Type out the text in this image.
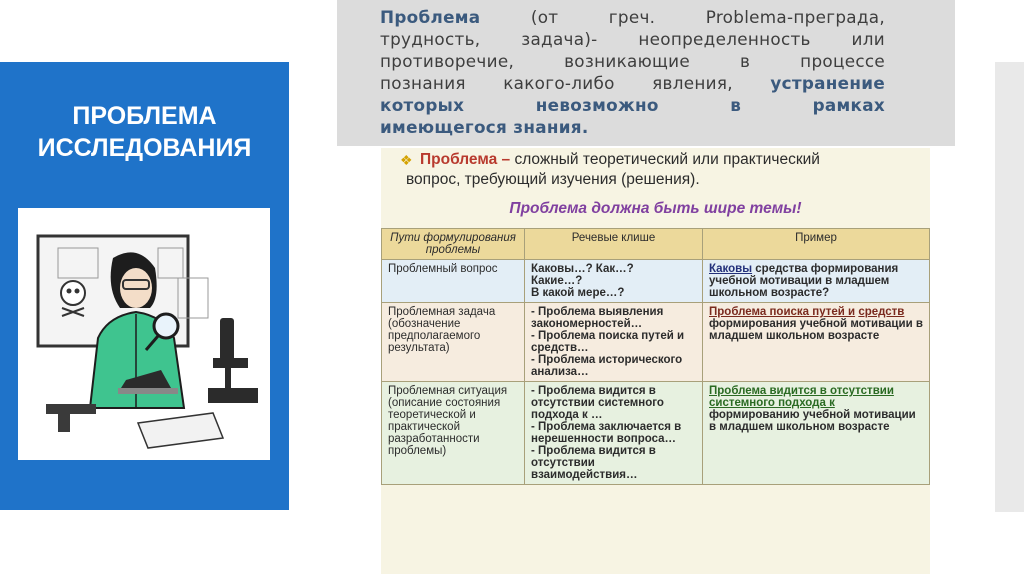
ПРОБЛЕМА
ИССЛЕДОВАНИЯ
Проблема	(от греч. Problema-преграда,
трудность, задача)- неопределенность или
противоречие, возникающие в процессе
познания какого-либо явления, устранение
которых невозможно в рамках
имеющегося знания.
❖ Проблема – сложный теоретический или практический
вопрос, требующий изучения (решения).
Проблема должна быть шире темы!
Пути формулирования проблемы	Речевые клише	Пример
Проблемный вопрос	Каковы…? Как…?
Какие…?
В какой мере…?	Каковы средства формирования учебной мотивации в младшем школьном возрасте?
Проблемная задача (обозначение предполагаемого результата)	- Проблема выявления закономерностей…
- Проблема поиска путей и средств…
- Проблема исторического анализа…	Проблема поиска путей и средств формирования учебной мотивации в младшем школьном возрасте
Проблемная ситуация (описание состояния теоретической и практической разработанности проблемы)	- Проблема видится в отсутствии системного подхода к …
- Проблема заключается в нерешенности вопроса…
- Проблема видится в отсутствии взаимодействия…	Проблема видится в отсутствии системного подхода к формированию учебной мотивации в младшем школьном возрасте
